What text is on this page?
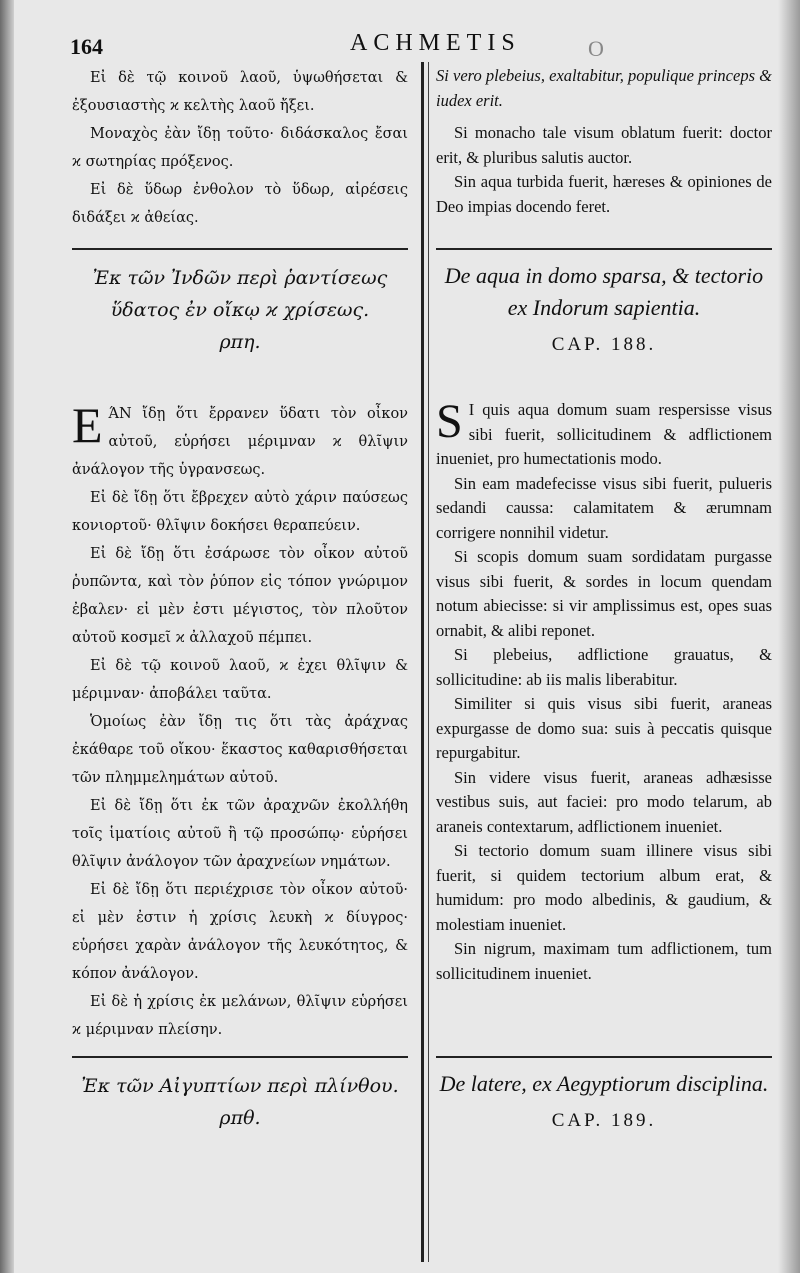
164	ACHMETIS	O

Εἰ δὲ τῷ κοινοῦ λαοῦ, ὑψωθήσεται & ἐξουσιαστὴς ϰ κελτὴς λαοῦ ἤξει.

Μοναχὸς ἐὰν ἴδῃ τοῦτο· διδάσκαλος ἔσαι ϰ σωτηρίας πρόξενος.

Εἰ δὲ ὕδωρ ἐνθολον τὸ ὕδωρ, αἱρέσεις διδάξει ϰ ἀθείας.

Ἐκ τῶν Ἰνδῶν περὶ ῥαντίσεως ὕδατος ἐν οἴκῳ ϰ χρίσεως.

ρπη.

ΕΆΝ ἴδῃ ὅτι ἔρρανεν ὕδατι τὸν οἶκον αὐτοῦ, εὑρήσει μέριμναν ϰ θλῖψιν ἀνάλογον τῆς ὑγρανσεως.

Εἰ δὲ ἴδῃ ὅτι ἔβρεχεν αὐτὸ χάριν παύσεως κονιορτοῦ· θλῖψιν δοκήσει θεραπεύειν.

Εἰ δὲ ἴδῃ ὅτι ἐσάρωσε τὸν οἶκον αὐτοῦ ῥυπῶντα, καὶ τὸν ῥύπον εἰς τόπον γνώριμον ἐβαλεν· εἰ μὲν ἐστι μέγιστος, τὸν πλοῦτον αὐτοῦ κοσμεῖ ϰ ἀλλαχοῦ πέμπει.

Εἰ δὲ τῷ κοινοῦ λαοῦ, ϰ ἐχει θλῖψιν & μέριμναν· ἀποβάλει ταῦτα.

Ὁμοίως ἐὰν ἴδῃ τις ὅτι τὰς ἀράχνας ἐκάθαρε τοῦ οἴκου· ἕκαστος καθαρισθήσεται τῶν πλημμελημάτων αὐτοῦ.

Εἰ δὲ ἴδῃ ὅτι ἐκ τῶν ἀραχνῶν ἐκολλήθη τοῖς ἱματίοις αὐτοῦ ἢ τῷ προσώπῳ· εὑρήσει θλῖψιν ἀνάλογον τῶν ἀραχνείων νημάτων.

Εἰ δὲ ἴδῃ ὅτι περιέχρισε τὸν οἶκον αὐτοῦ· εἰ μὲν ἐστιν ἡ χρίσις λευκὴ ϰ δίυγρος· εὑρήσει χαρὰν ἀνάλογον τῆς λευκότητος, & κόπον ἀνάλογον.

Εἰ δὲ ἡ χρίσις ἐκ μελάνων, θλῖψιν εὑρήσει ϰ μέριμναν πλείσην.

Ἐκ τῶν Αἰγυπτίων περὶ πλίνθου.

ρπθ.

Si vero plebeius, exaltabitur, populique princeps & iudex erit.

Si monacho tale visum oblatum fuerit: doctor erit, & pluribus salutis auctor.

Sin aqua turbida fuerit, hæreses & opiniones de Deo impias docendo feret.

De aqua in domo sparsa, & tectorio ex Indorum sapientia.

CAP. 188.

S I quis aqua domum suam respersisse visus sibi fuerit, sollicitudinem & adflictionem inueniet, pro humectationis modo.

Sin eam madefecisse visus sibi fuerit, pulueris sedandi caussa: calamitatem & ærumnam corrigere nonnihil videtur.

Si scopis domum suam sordidatam purgasse visus sibi fuerit, & sordes in locum quendam notum abiecisse: si vir amplissimus est, opes suas ornabit, & alibi reponet.

Si plebeius, adflictione grauatus, & sollicitudine: ab iis malis liberabitur.

Similiter si quis visus sibi fuerit, araneas expurgasse de domo sua: suis à peccatis quisque repurgabitur.

Sin videre visus fuerit, araneas adhæsisse vestibus suis, aut faciei: pro modo telarum, ab araneis contextarum, adflictionem inueniet.

Si tectorio domum suam illinere visus sibi fuerit, si quidem tectorium album erat, & humidum: pro modo albedinis, & gaudium, & molestiam inueniet.

Sin nigrum, maximam tum adflictionem, tum sollicitudinem inueniet.

De latere, ex Aegyptiorum disciplina.

CAP. 189.
